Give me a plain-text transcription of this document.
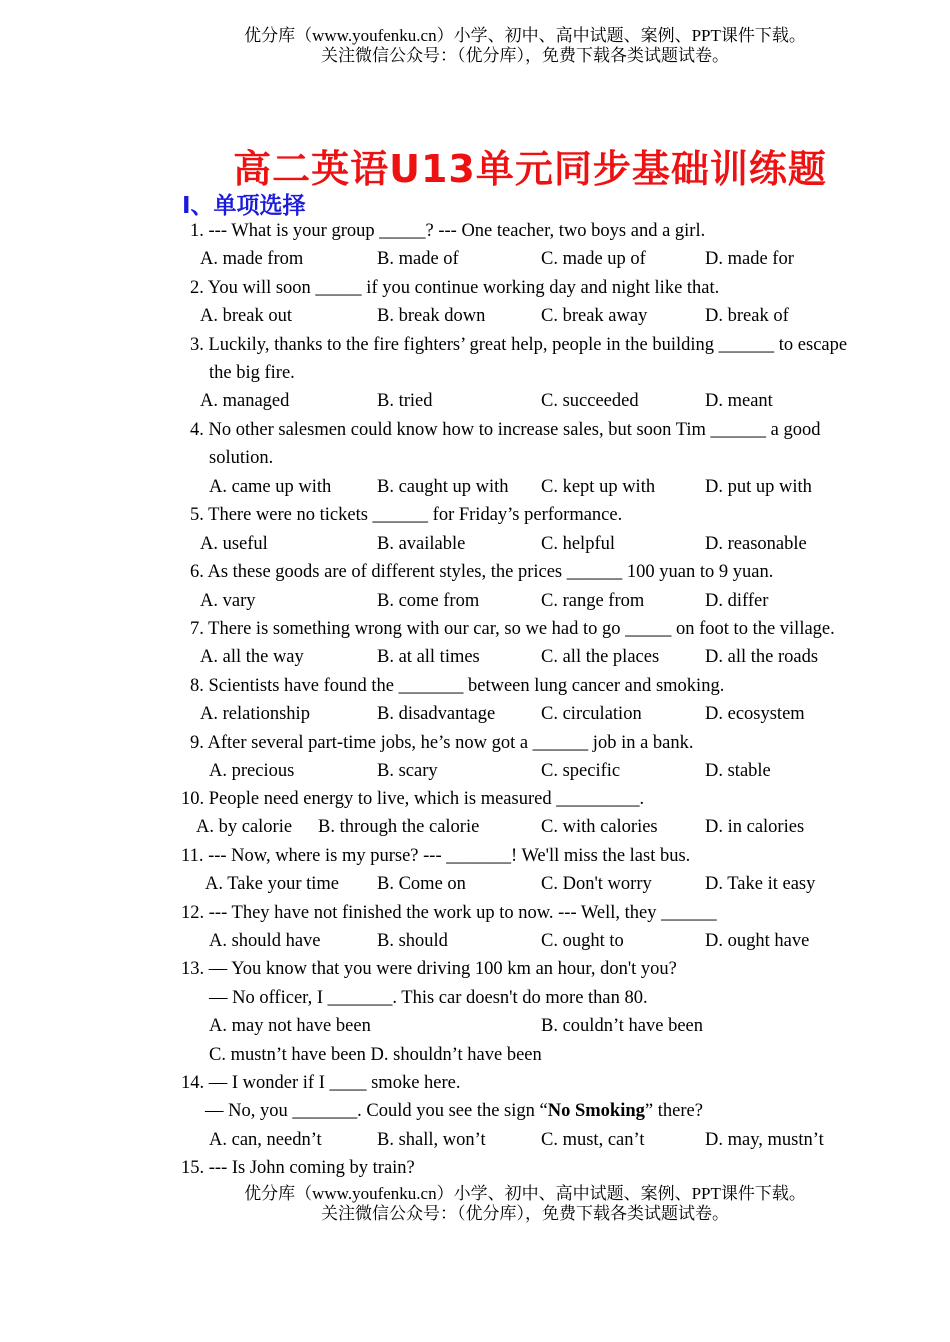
优分库（www.youfenku.cn）小学、初中、高中试题、案例、PPT课件下载。
关注微信公众号：（优分库），免费下载各类试题试卷。
高二英语U13单元同步基础训练题
Ⅰ、单项选择
1. --- What is your group _____? --- One teacher, two boys and a girl.
A. made from	B. made of	C. made up of	D. made for
2. You will soon _____ if you continue working day and night like that.
A. break out	B. break down	C. break away	D. break of
3. Luckily, thanks to the fire fighters’ great help, people in the building ______ to escape
the big fire.
A. managed	B. tried	C. succeeded	D. meant
4. No other salesmen could know how to increase sales, but soon Tim ______ a good
solution.
A. came up with B. caught up with C. kept up with	D. put up with
5. There were no tickets ______ for Friday’s performance.
A. useful	B. available	C. helpful	D. reasonable
6. As these goods are of different styles, the prices ______ 100 yuan to 9 yuan.
A. vary	B. come from	C. range from	D. differ
7. There is something wrong with our car, so we had to go _____ on foot to the village.
A. all the way	B. at all times	C. all the places D. all the roads
8. Scientists have found the _______ between lung cancer and smoking.
A. relationship	B. disadvantage C. circulation	D. ecosystem
9. After several part-time jobs, he’s now got a ______ job in a bank.
A. precious	B. scary	C. specific	D. stable
10. People need energy to live, which is measured _________.
A. by calorie B. through the calorie	C. with calories	D. in calories
11. --- Now, where is my purse? --- _______! We'll miss the last bus.
A. Take your time B. Come on	C. Don't worry	D. Take it easy
12. --- They have not finished the work up to now. --- Well, they ______
A. should have	B. should	C. ought to	D. ought have
13. — You know that you were driving 100 km an hour, don't you?
— No officer, I _______. This car doesn't do more than 80.
A. may not have been	B. couldn’t have been
C. mustn’t have been D. shouldn’t have been
14. — I wonder if I ____ smoke here.
— No, you _______. Could you see the sign “No Smoking” there?
A. can, needn’t	B. shall, won’t	C. must, can’t	D. may, mustn’t
15. --- Is John coming by train?
优分库（www.youfenku.cn）小学、初中、高中试题、案例、PPT课件下载。
关注微信公众号：（优分库），免费下载各类试题试卷。
